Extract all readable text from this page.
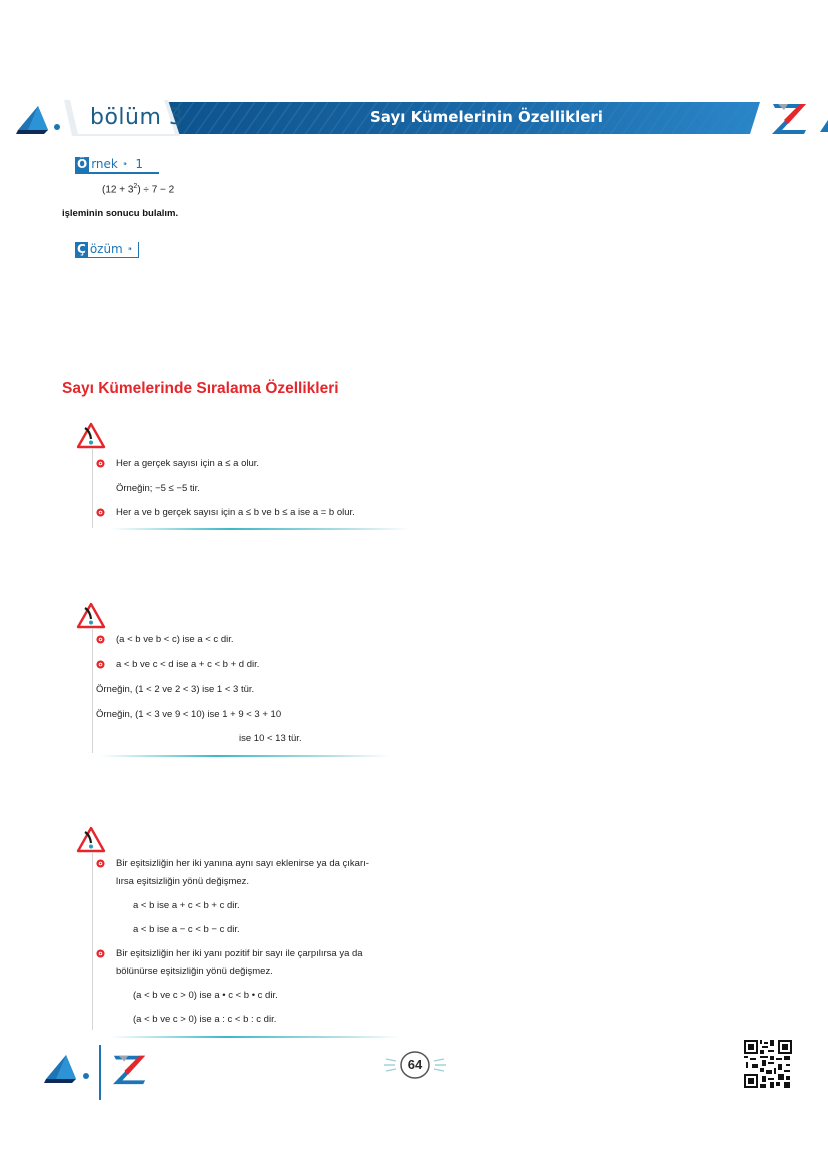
bölüm 3	Sayı Kümelerinin Özellikleri
Ö rnek ⁍ 1
$(12 + 3^2) \div 7 - 2$
işleminin sonucu bulalım.
Ç özüm ⁍
Sayı Kümelerinde Sıralama Özellikleri
Her a gerçek sayısı için a ≤ a olur.
Örneğin; −5 ≤ −5 tir.
Her a ve b gerçek sayısı için a ≤ b ve b ≤ a ise a = b olur.
(a < b ve b < c) ise a < c dir.
a < b ve c < d ise a + c < b + d dir.
Örneğin, (1 < 2 ve 2 < 3) ise 1 < 3 tür.
Örneğin, (1 < 3 ve 9 < 10) ise 1 + 9 < 3 + 10
ise 10 < 13 tür.
Bir eşitsizliğin her iki yanına aynı sayı eklenirse ya da çıkarı-
lırsa eşitsizliğin yönü değişmez.
a < b ise a + c < b + c dir.
a < b ise a − c < b − c dir.
Bir eşitsizliğin her iki yanı pozitif bir sayı ile çarpılırsa ya da
bölünürse eşitsizliğin yönü değişmez.
(a < b ve c > 0) ise a • c < b • c dir.
(a < b ve c > 0) ise a : c < b : c dir.
64
